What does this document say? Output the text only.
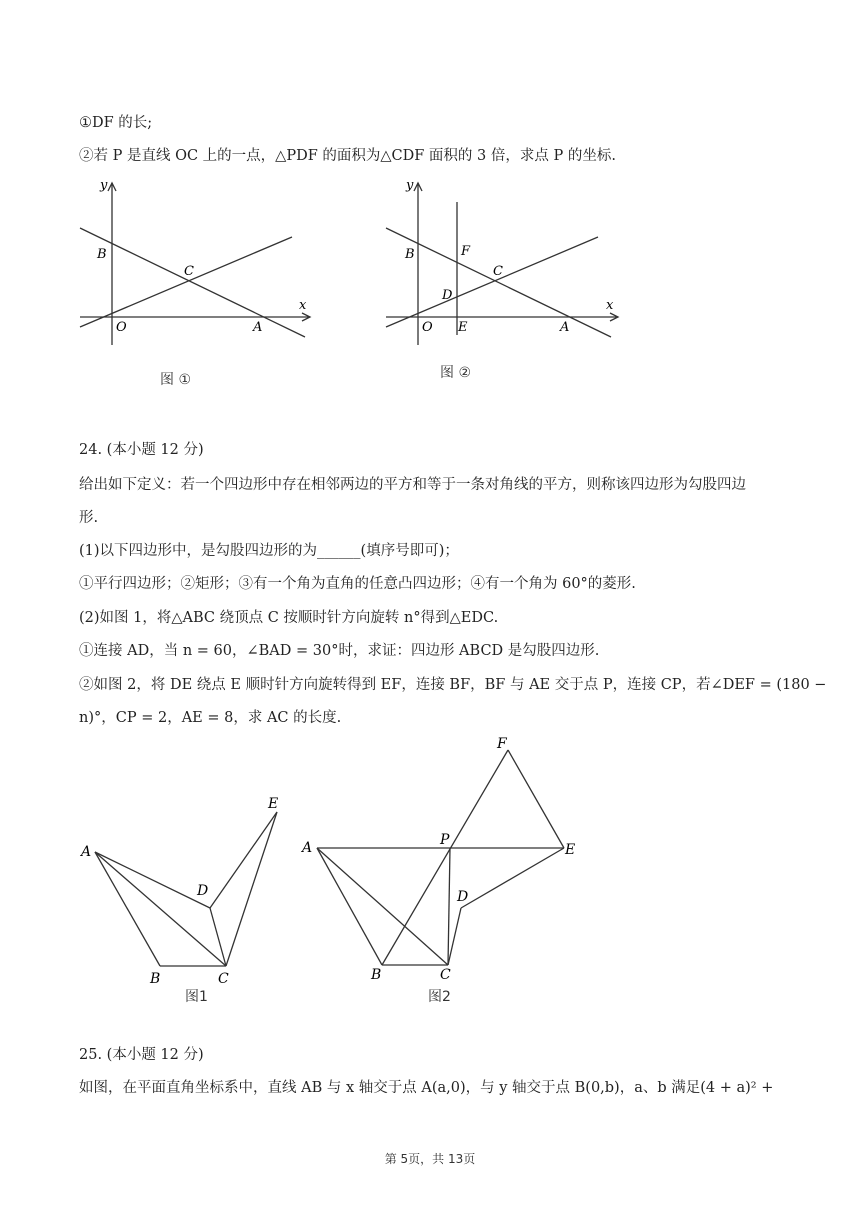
①DF 的长;
②若 P 是直线 OC 上的一点，△PDF 的面积为△CDF 面积的 3 倍，求点 P 的坐标.
y
x
B
C
O	A
图 ①
y
x
B	F
C
D
O E	A
图 ②
24. (本小题 12 分)
给出如下定义：若一个四边形中存在相邻两边的平方和等于一条对角线的平方，则称该四边形为勾股四边
形.
(1)以下四边形中，是勾股四边形的为______(填序号即可)；
①平行四边形；②矩形；③有一个角为直角的任意凸四边形；④有一个角为 60°的菱形.
(2)如图 1，将△ABC 绕顶点 C 按顺时针方向旋转 n°得到△EDC.
①连接 AD，当 n = 60，∠BAD = 30°时，求证：四边形 ABCD 是勾股四边形.
②如图 2，将 DE 绕点 E 顺时针方向旋转得到 EF，连接 BF，BF 与 AE 交于点 P，连接 CP，若∠DEF = (180 −
n)°，CP = 2，AE = 8，求 AC 的长度.
A
B	C
D
E
图1
A
B	C
D
E
F
P
图2
25. (本小题 12 分)
如图，在平面直角坐标系中，直线 AB 与 x 轴交于点 A(a,0)，与 y 轴交于点 B(0,b)，a、b 满足(4 + a)² +
第 5页，共 13页
